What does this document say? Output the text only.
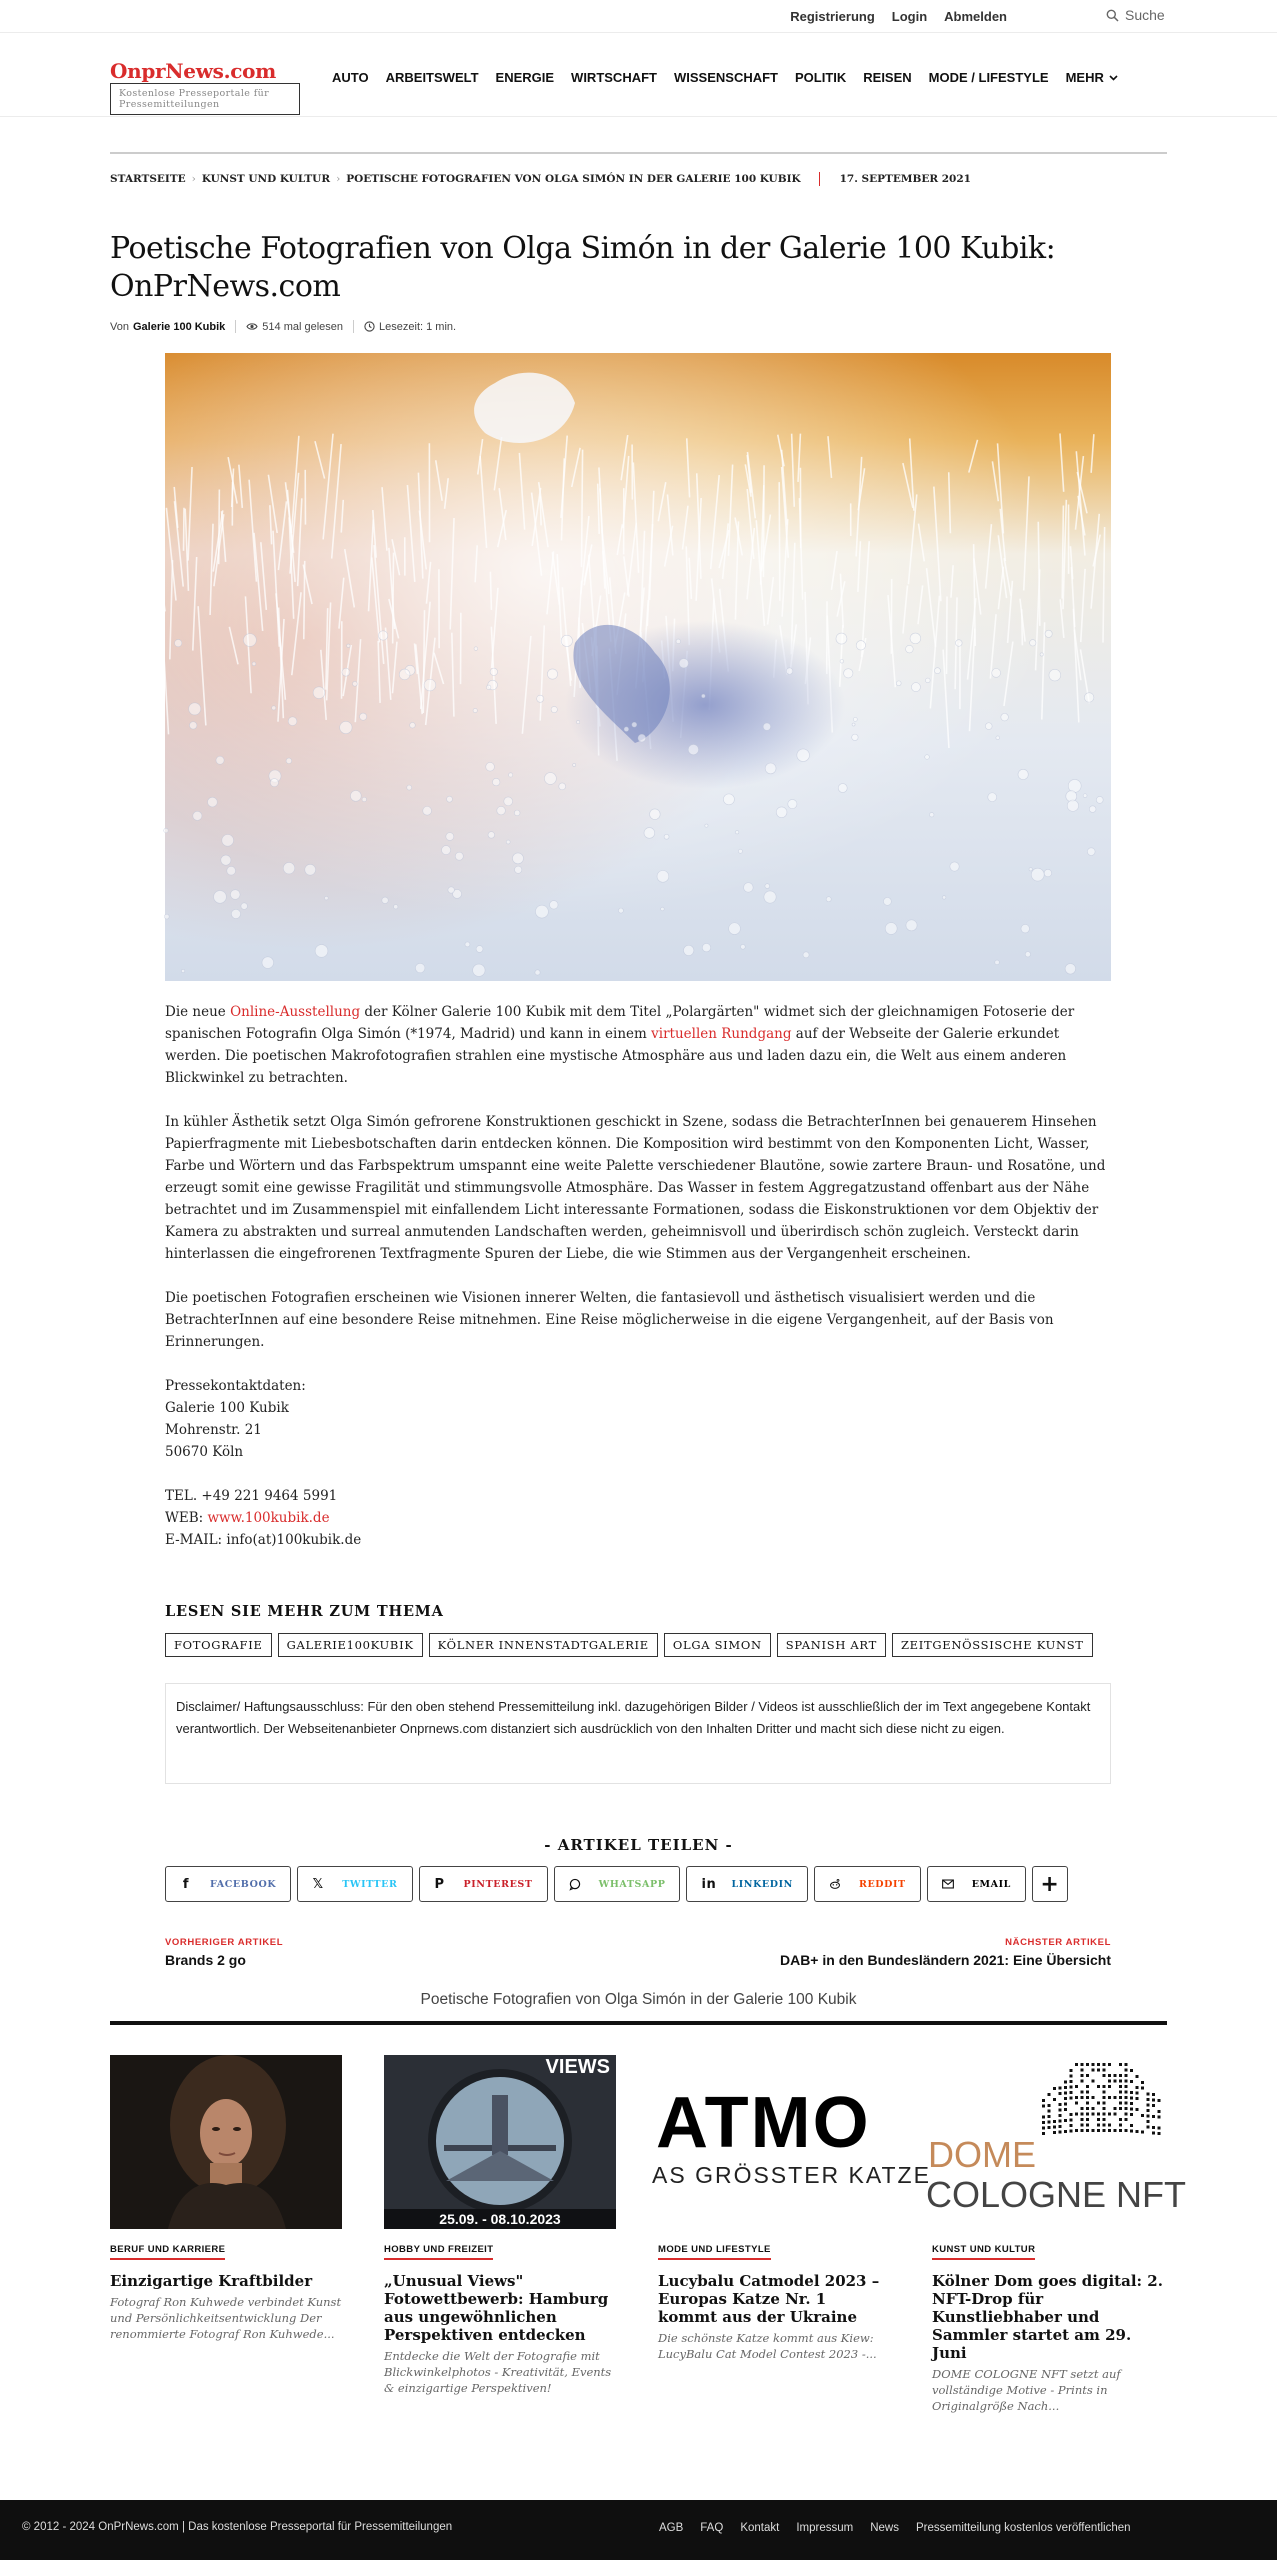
Registrierung Login Abmelden	Suche
OnprNews.com
Kostenlose Presseportale für Pressemitteilungen
AUTO ARBEITSWELT ENERGIE WIRTSCHAFT WISSENSCHAFT POLITIK REISEN MODE / LIFESTYLE MEHR
STARTSEITE › KUNST UND KULTUR › POETISCHE FOTOGRAFIEN VON OLGA SIMÓN IN DER GALERIE 100 KUBIK	17. SEPTEMBER 2021
Poetische Fotografien von Olga Simón in der Galerie 100 Kubik: OnPrNews.com
Von Galerie 100 Kubik	514 mal gelesen	Lesezeit: 1 min.

Die neue Online-Ausstellung der Kölner Galerie 100 Kubik mit dem Titel „Polargärten" widmet sich der gleichnamigen Fotoserie der spanischen Fotografin Olga Simón (*1974, Madrid) und kann in einem virtuellen Rundgang auf der Webseite der Galerie erkundet werden. Die poetischen Makrofotografien strahlen eine mystische Atmosphäre aus und laden dazu ein, die Welt aus einem anderen Blickwinkel zu betrachten.

In kühler Ästhetik setzt Olga Simón gefrorene Konstruktionen geschickt in Szene, sodass die BetrachterInnen bei genauerem Hinsehen Papierfragmente mit Liebesbotschaften darin entdecken können. Die Komposition wird bestimmt von den Komponenten Licht, Wasser, Farbe und Wörtern und das Farbspektrum umspannt eine weite Palette verschiedener Blautöne, sowie zartere Braun- und Rosatöne, und erzeugt somit eine gewisse Fragilität und stimmungsvolle Atmosphäre. Das Wasser in festem Aggregatzustand offenbart aus der Nähe betrachtet und im Zusammenspiel mit einfallendem Licht interessante Formationen, sodass die Eiskonstruktionen vor dem Objektiv der Kamera zu abstrakten und surreal anmutenden Landschaften werden, geheimnisvoll und überirdisch schön zugleich. Versteckt darin hinterlassen die eingefrorenen Textfragmente Spuren der Liebe, die wie Stimmen aus der Vergangenheit erscheinen.

Die poetischen Fotografien erscheinen wie Visionen innerer Welten, die fantasievoll und ästhetisch visualisiert werden und die BetrachterInnen auf eine besondere Reise mitnehmen. Eine Reise möglicherweise in die eigene Vergangenheit, auf der Basis von Erinnerungen.

Pressekontaktdaten:
Galerie 100 Kubik
Mohrenstr. 21
50670 Köln

TEL. +49 221 9464 5991
WEB: www.100kubik.de
E-MAIL: info(at)100kubik.de

LESEN SIE MEHR ZUM THEMA
FOTOGRAFIE	GALERIE100KUBIK	KÖLNER INNENSTADTGALERIE	OLGA SIMON	SPANISH ART	ZEITGENÖSSISCHE KUNST
Disclaimer/ Haftungsausschluss: Für den oben stehend Pressemitteilung inkl. dazugehörigen Bilder / Videos ist ausschließlich der im Text angegebene Kontakt verantwortlich. Der Webseitenanbieter Onprnews.com distanziert sich ausdrücklich von den Inhalten Dritter und macht sich diese nicht zu eigen.
- ARTIKEL TEILEN -
f	FACEBOOK	𝕏 TWITTER	P PINTEREST	WHATSAPP	in LINKEDIN	REDDIT	EMAIL	+
VORHERIGER ARTIKEL
Brands 2 go
NÄCHSTER ARTIKEL
DAB+ in den Bundesländern 2021: Eine Übersicht
Poetische Fotografien von Olga Simón in der Galerie 100 Kubik
BERUF UND KARRIERE
Einzigartige Kraftbilder
Fotograf Ron Kuhwede verbindet Kunst und Persönlichkeitsentwicklung Der renommierte Fotograf Ron Kuhwede...
VIEWS
25.09. - 08.10.2023
HOBBY UND FREIZEIT
„Unusual Views" Fotowettbewerb: Hamburg aus ungewöhnlichen Perspektiven entdecken
Entdecke die Welt der Fotografie mit Blickwinkelphotos - Kreativität, Events & einzigartige Perspektiven!
ATMO
AS GRÖSSTER KATZE
MODE UND LIFESTYLE
Lucybalu Catmodel 2023 – Europas Katze Nr. 1 kommt aus der Ukraine
Die schönste Katze kommt aus Kiew: LucyBalu Cat Model Contest 2023 -...
DOME
COLOGNE NFT
KUNST UND KULTUR
Kölner Dom goes digital: 2. NFT-Drop für Kunstliebhaber und Sammler startet am 29. Juni
DOME COLOGNE NFT setzt auf vollständige Motive - Prints in Originalgröße Nach...
© 2012 - 2024 OnPrNews.com | Das kostenlose Presseportal für Pressemitteilungen	AGB FAQ Kontakt Impressum News Pressemitteilung kostenlos veröffentlichen
